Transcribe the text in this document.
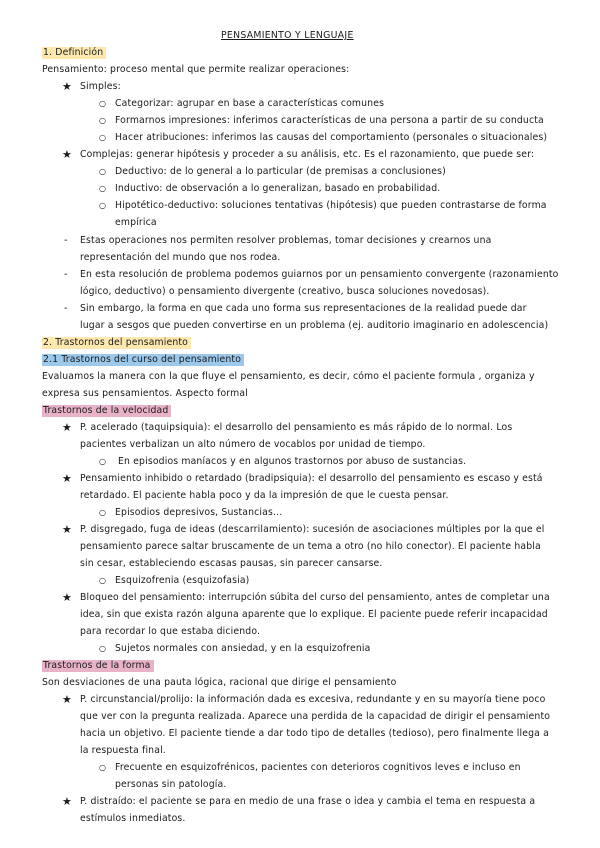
PENSAMIENTO Y LENGUAJE
1. Definición
Pensamiento: proceso mental que permite realizar operaciones:
★ Simples:
○ Categorizar: agrupar en base a características comunes
○ Formarnos impresiones: inferimos características de una persona a partir de su conducta
○ Hacer atribuciones: inferimos las causas del comportamiento (personales o situacionales)
★ Complejas: generar hipótesis y proceder a su análisis, etc. Es el razonamiento, que puede ser:
○ Deductivo: de lo general a lo particular (de premisas a conclusiones)
○ Inductivo: de observación a lo generalizan, basado en probabilidad.
○ Hipotético-deductivo: soluciones tentativas (hipótesis) que pueden contrastarse de forma
empírica
- Estas operaciones nos permiten resolver problemas, tomar decisiones y crearnos una
representación del mundo que nos rodea.
- En esta resolución de problema podemos guiarnos por un pensamiento convergente (razonamiento
lógico, deductivo) o pensamiento divergente (creativo, busca soluciones novedosas).
- Sin embargo, la forma en que cada uno forma sus representaciones de la realidad puede dar
lugar a sesgos que pueden convertirse en un problema (ej. auditorio imaginario en adolescencia)
2. Trastornos del pensamiento
2.1 Trastornos del curso del pensamiento
Evaluamos la manera con la que fluye el pensamiento, es decir, cómo el paciente formula , organiza y
expresa sus pensamientos. Aspecto formal
Trastornos de la velocidad
★ P. acelerado (taquipsiquia): el desarrollo del pensamiento es más rápido de lo normal. Los
pacientes verbalizan un alto número de vocablos por unidad de tiempo.
○ En episodios maníacos y en algunos trastornos por abuso de sustancias.
★ Pensamiento inhibido o retardado (bradipsiquia): el desarrollo del pensamiento es escaso y está
retardado. El paciente habla poco y da la impresión de que le cuesta pensar.
○ Episodios depresivos, Sustancias...
★ P. disgregado, fuga de ideas (descarrilamiento): sucesión de asociaciones múltiples por la que el
pensamiento parece saltar bruscamente de un tema a otro (no hilo conector). El paciente habla
sin cesar, estableciendo escasas pausas, sin parecer cansarse.
○ Esquizofrenia (esquizofasia)
★ Bloqueo del pensamiento: interrupción súbita del curso del pensamiento, antes de completar una
idea, sin que exista razón alguna aparente que lo explique. El paciente puede referir incapacidad
para recordar lo que estaba diciendo.
○ Sujetos normales con ansiedad, y en la esquizofrenia
Trastornos de la forma
Son desviaciones de una pauta lógica, racional que dirige el pensamiento
★ P. circunstancial/prolijo: la información dada es excesiva, redundante y en su mayoría tiene poco
que ver con la pregunta realizada. Aparece una perdida de la capacidad de dirigir el pensamiento
hacia un objetivo. El paciente tiende a dar todo tipo de detalles (tedioso), pero finalmente llega a
la respuesta final.
○ Frecuente en esquizofrénicos, pacientes con deterioros cognitivos leves e incluso en
personas sin patología.
★ P. distraído: el paciente se para en medio de una frase o idea y cambia el tema en respuesta a
estímulos inmediatos.
